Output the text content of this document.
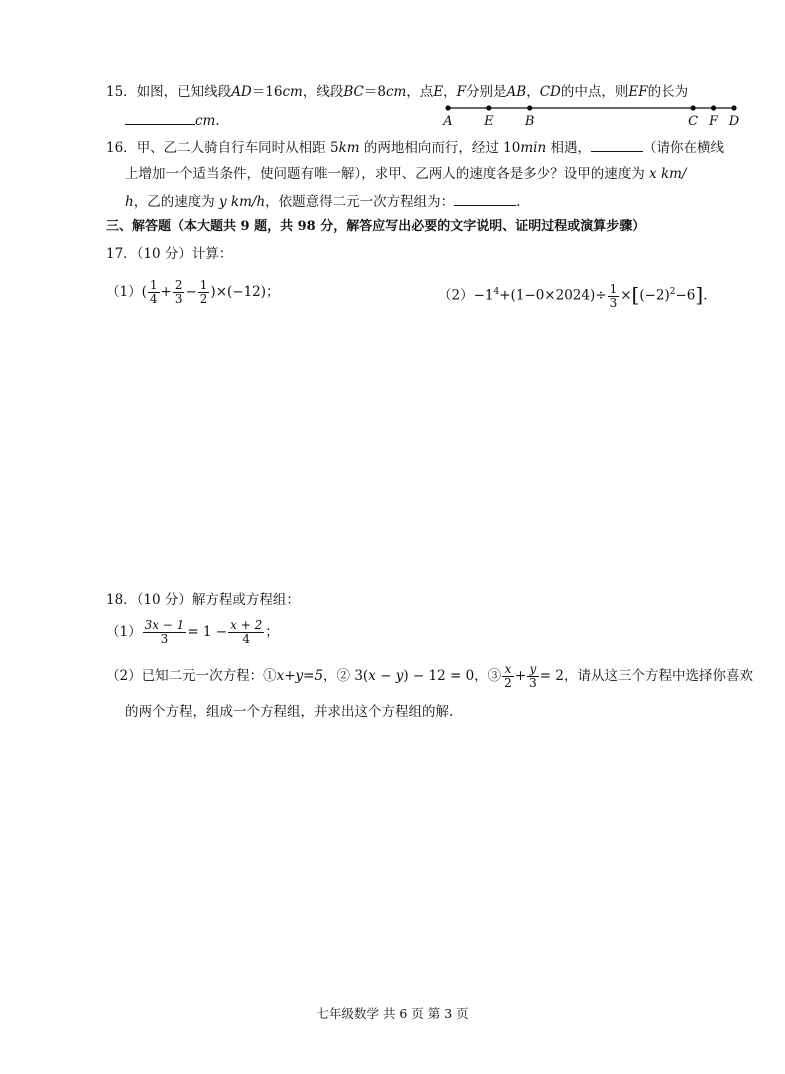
15．如图，已知线段AD＝16cm，线段BC＝8cm，点E，F分别是AB，CD的中点，则EF的长为
cm.	A E B	C F D
16．甲、乙二人骑自行车同时从相距 5km 的两地相向而行，经过 10min 相遇，	（请你在横线
上增加一个适当条件，使问题有唯一解），求甲、乙两人的速度各是多少？设甲的速度为 x km/
h，乙的速度为 y km/h，依题意得二元一次方程组为：	.
三、解答题（本大题共 9 题，共 98 分，解答应写出必要的文字说明、证明过程或演算步骤）
17．（10 分）计算：
$(1)( \frac{1}{4} + \frac{2}{3} - \frac{1}{2} )\times(-12)$；	$(2)-1^4+(1-0\times 2024)\div \frac{1}{3} \times[(-2)^2-6]$.
18．（10 分）解方程或方程组：
$(1) \frac{3x - 1}{3} = 1 - \frac{x + 2}{4}$ ；
（2）已知二元一次方程：①x+y=5，② 3(x − y) − 12 = 0，③ $\frac{x}{2} + \frac{y}{3} = 2$，请从这三个方程中选择你喜欢
的两个方程，组成一个方程组，并求出这个方程组的解.
七年级数学 共 6 页 第 3 页
